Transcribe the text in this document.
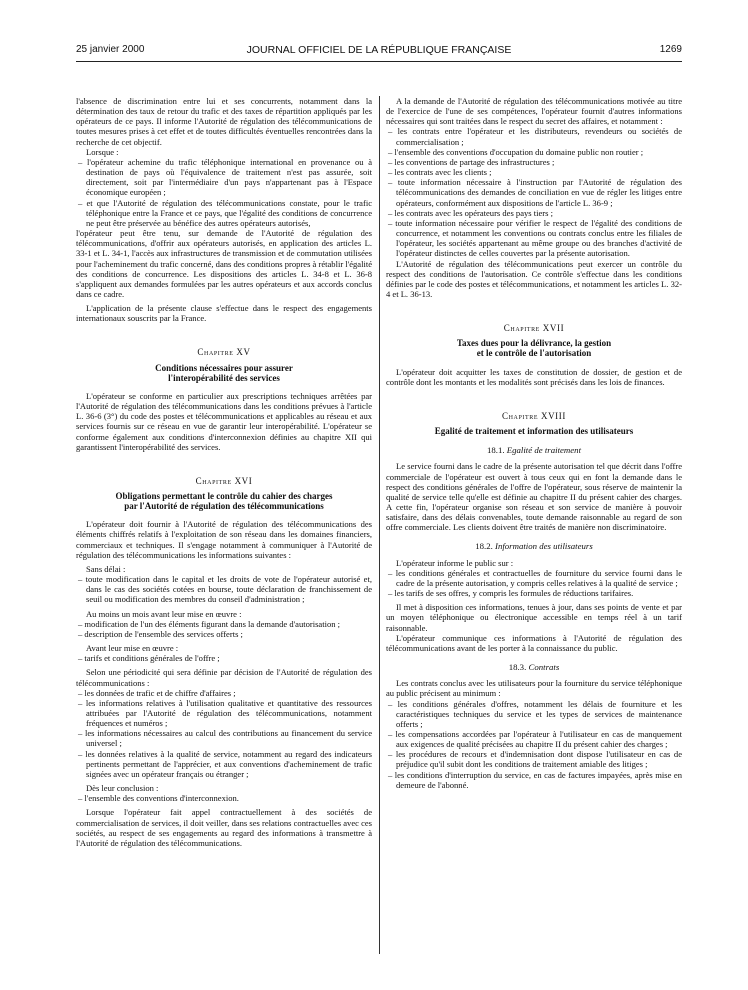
25 janvier 2000	JOURNAL OFFICIEL DE LA RÉPUBLIQUE FRANÇAISE	1269

l'absence de discrimination entre lui et ses concurrents, notamment dans la détermination des taux de retour du trafic et des taxes de répartition appliqués par les opérateurs de ce pays. Il informe l'Autorité de régulation des télécommunications de toutes mesures prises à cet effet et de toutes difficultés éventuelles rencontrées dans la recherche de cet objectif.

Lorsque :

– l'opérateur achemine du trafic téléphonique international en provenance ou à destination de pays où l'équivalence de traitement n'est pas assurée, soit directement, soit par l'intermédiaire d'un pays n'appartenant pas à l'Espace économique européen ;

– et que l'Autorité de régulation des télécommunications constate, pour le trafic téléphonique entre la France et ce pays, que l'égalité des conditions de concurrence ne peut être préservée au bénéfice des autres opérateurs autorisés,

l'opérateur peut être tenu, sur demande de l'Autorité de régulation des télécommunications, d'offrir aux opérateurs autorisés, en application des articles L. 33-1 et L. 34-1, l'accès aux infrastructures de transmission et de commutation utilisées pour l'acheminement du trafic concerné, dans des conditions propres à rétablir l'égalité des conditions de concurrence. Les dispositions des articles L. 34-8 et L. 36-8 s'appliquent aux demandes formulées par les autres opérateurs et aux accords conclus dans ce cadre.

L'application de la présente clause s'effectue dans le respect des engagements internationaux souscrits par la France.

Chapitre XV

Conditions nécessaires pour assurer
l'interopérabilité des services

L'opérateur se conforme en particulier aux prescriptions techniques arrêtées par l'Autorité de régulation des télécommunications dans les conditions prévues à l'article L. 36-6 (3°) du code des postes et télécommunications et applicables au réseau et aux services fournis sur ce réseau en vue de garantir leur interopérabilité. L'opérateur se conforme également aux conditions d'interconnexion définies au chapitre XII qui garantissent l'interopérabilité des services.

Chapitre XVI

Obligations permettant le contrôle du cahier des charges
par l'Autorité de régulation des télécommunications

L'opérateur doit fournir à l'Autorité de régulation des télécommunications des éléments chiffrés relatifs à l'exploitation de son réseau dans les domaines financiers, commerciaux et techniques. Il s'engage notamment à communiquer à l'Autorité de régulation des télécommunications les informations suivantes :

Sans délai :

– toute modification dans le capital et les droits de vote de l'opérateur autorisé et, dans le cas des sociétés cotées en bourse, toute déclaration de franchissement de seuil ou modification des membres du conseil d'administration ;

Au moins un mois avant leur mise en œuvre :

– modification de l'un des éléments figurant dans la demande d'autorisation ;

– description de l'ensemble des services offerts ;

Avant leur mise en œuvre :

– tarifs et conditions générales de l'offre ;

Selon une périodicité qui sera définie par décision de l'Autorité de régulation des télécommunications :

– les données de trafic et de chiffre d'affaires ;

– les informations relatives à l'utilisation qualitative et quantitative des ressources attribuées par l'Autorité de régulation des télécommunications, notamment fréquences et numéros ;

– les informations nécessaires au calcul des contributions au financement du service universel ;

– les données relatives à la qualité de service, notamment au regard des indicateurs pertinents permettant de l'apprécier, et aux conventions d'acheminement de trafic signées avec un opérateur français ou étranger ;

Dès leur conclusion :

– l'ensemble des conventions d'interconnexion.

Lorsque l'opérateur fait appel contractuellement à des sociétés de commercialisation de services, il doit veiller, dans ses relations contractuelles avec ces sociétés, au respect de ses engagements au regard des informations à transmettre à l'Autorité de régulation des télécommunications.

A la demande de l'Autorité de régulation des télécommunications motivée au titre de l'exercice de l'une de ses compétences, l'opérateur fournit d'autres informations nécessaires qui sont traitées dans le respect du secret des affaires, et notamment :

– les contrats entre l'opérateur et les distributeurs, revendeurs ou sociétés de commercialisation ;

– l'ensemble des conventions d'occupation du domaine public non routier ;

– les conventions de partage des infrastructures ;

– les contrats avec les clients ;

– toute information nécessaire à l'instruction par l'Autorité de régulation des télécommunications des demandes de conciliation en vue de régler les litiges entre opérateurs, conformément aux dispositions de l'article L. 36-9 ;

– les contrats avec les opérateurs des pays tiers ;

– toute information nécessaire pour vérifier le respect de l'égalité des conditions de concurrence, et notamment les conventions ou contrats conclus entre les filiales de l'opérateur, les sociétés appartenant au même groupe ou des branches d'activité de l'opérateur distinctes de celles couvertes par la présente autorisation.

L'Autorité de régulation des télécommunications peut exercer un contrôle du respect des conditions de l'autorisation. Ce contrôle s'effectue dans les conditions définies par le code des postes et télécommunications, et notamment les articles L. 32-4 et L. 36-13.

Chapitre XVII

Taxes dues pour la délivrance, la gestion
et le contrôle de l'autorisation

L'opérateur doit acquitter les taxes de constitution de dossier, de gestion et de contrôle dont les montants et les modalités sont précisés dans les lois de finances.

Chapitre XVIII

Egalité de traitement et information des utilisateurs

18.1. Egalité de traitement

Le service fourni dans le cadre de la présente autorisation tel que décrit dans l'offre commerciale de l'opérateur est ouvert à tous ceux qui en font la demande dans le respect des conditions générales de l'offre de l'opérateur, sous réserve de maintenir la qualité de service telle qu'elle est définie au chapitre II du présent cahier des charges. A cette fin, l'opérateur organise son réseau et son service de manière à pouvoir satisfaire, dans des délais convenables, toute demande raisonnable au regard de son offre commerciale. Les clients doivent être traités de manière non discriminatoire.

18.2. Information des utilisateurs

L'opérateur informe le public sur :

– les conditions générales et contractuelles de fourniture du service fourni dans le cadre de la présente autorisation, y compris celles relatives à la qualité de service ;

– les tarifs de ses offres, y compris les formules de réductions tarifaires.

Il met à disposition ces informations, tenues à jour, dans ses points de vente et par un moyen téléphonique ou électronique accessible en temps réel à un tarif raisonnable.

L'opérateur communique ces informations à l'Autorité de régulation des télécommunications avant de les porter à la connaissance du public.

18.3. Contrats

Les contrats conclus avec les utilisateurs pour la fourniture du service téléphonique au public précisent au minimum :

– les conditions générales d'offres, notamment les délais de fourniture et les caractéristiques techniques du service et les types de services de maintenance offerts ;

– les compensations accordées par l'opérateur à l'utilisateur en cas de manquement aux exigences de qualité précisées au chapitre II du présent cahier des charges ;

– les procédures de recours et d'indemnisation dont dispose l'utilisateur en cas de préjudice qu'il subit dont les conditions de traitement amiable des litiges ;

– les conditions d'interruption du service, en cas de factures impayées, après mise en demeure de l'abonné.
